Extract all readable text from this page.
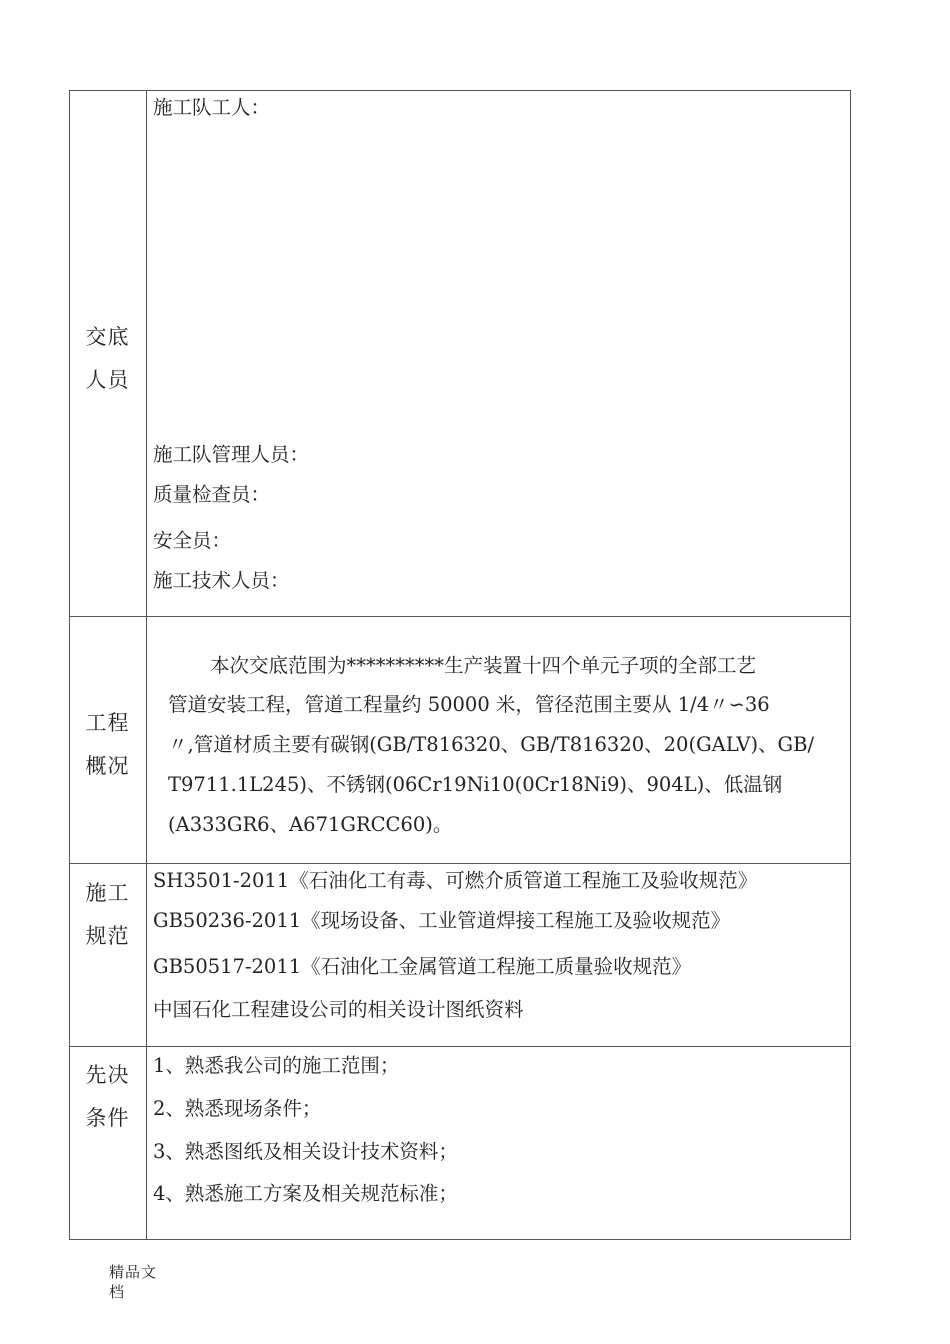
交底
人员
施工队工人：
施工队管理人员：
质量检查员：
安全员：
施工技术人员：
工程
概况
本次交底范围为**********生产装置十四个单元子项的全部工艺
管道安装工程，管道工程量约 50000 米，管径范围主要从 1/4〃∽36
〃,管道材质主要有碳钢(GB/T816320、GB/T816320、20(GALV)、GB/
T9711.1L245)、不锈钢(06Cr19Ni10(0Cr18Ni9)、904L)、低温钢
(A333GR6、A671GRCC60)。
施工
规范
SH3501-2011《石油化工有毒、可燃介质管道工程施工及验收规范》
GB50236-2011《现场设备、工业管道焊接工程施工及验收规范》
GB50517-2011《石油化工金属管道工程施工质量验收规范》
中国石化工程建设公司的相关设计图纸资料
先决
条件
1、熟悉我公司的施工范围；
2、熟悉现场条件；
3、熟悉图纸及相关设计技术资料；
4、熟悉施工方案及相关规范标准；
精品文
档
